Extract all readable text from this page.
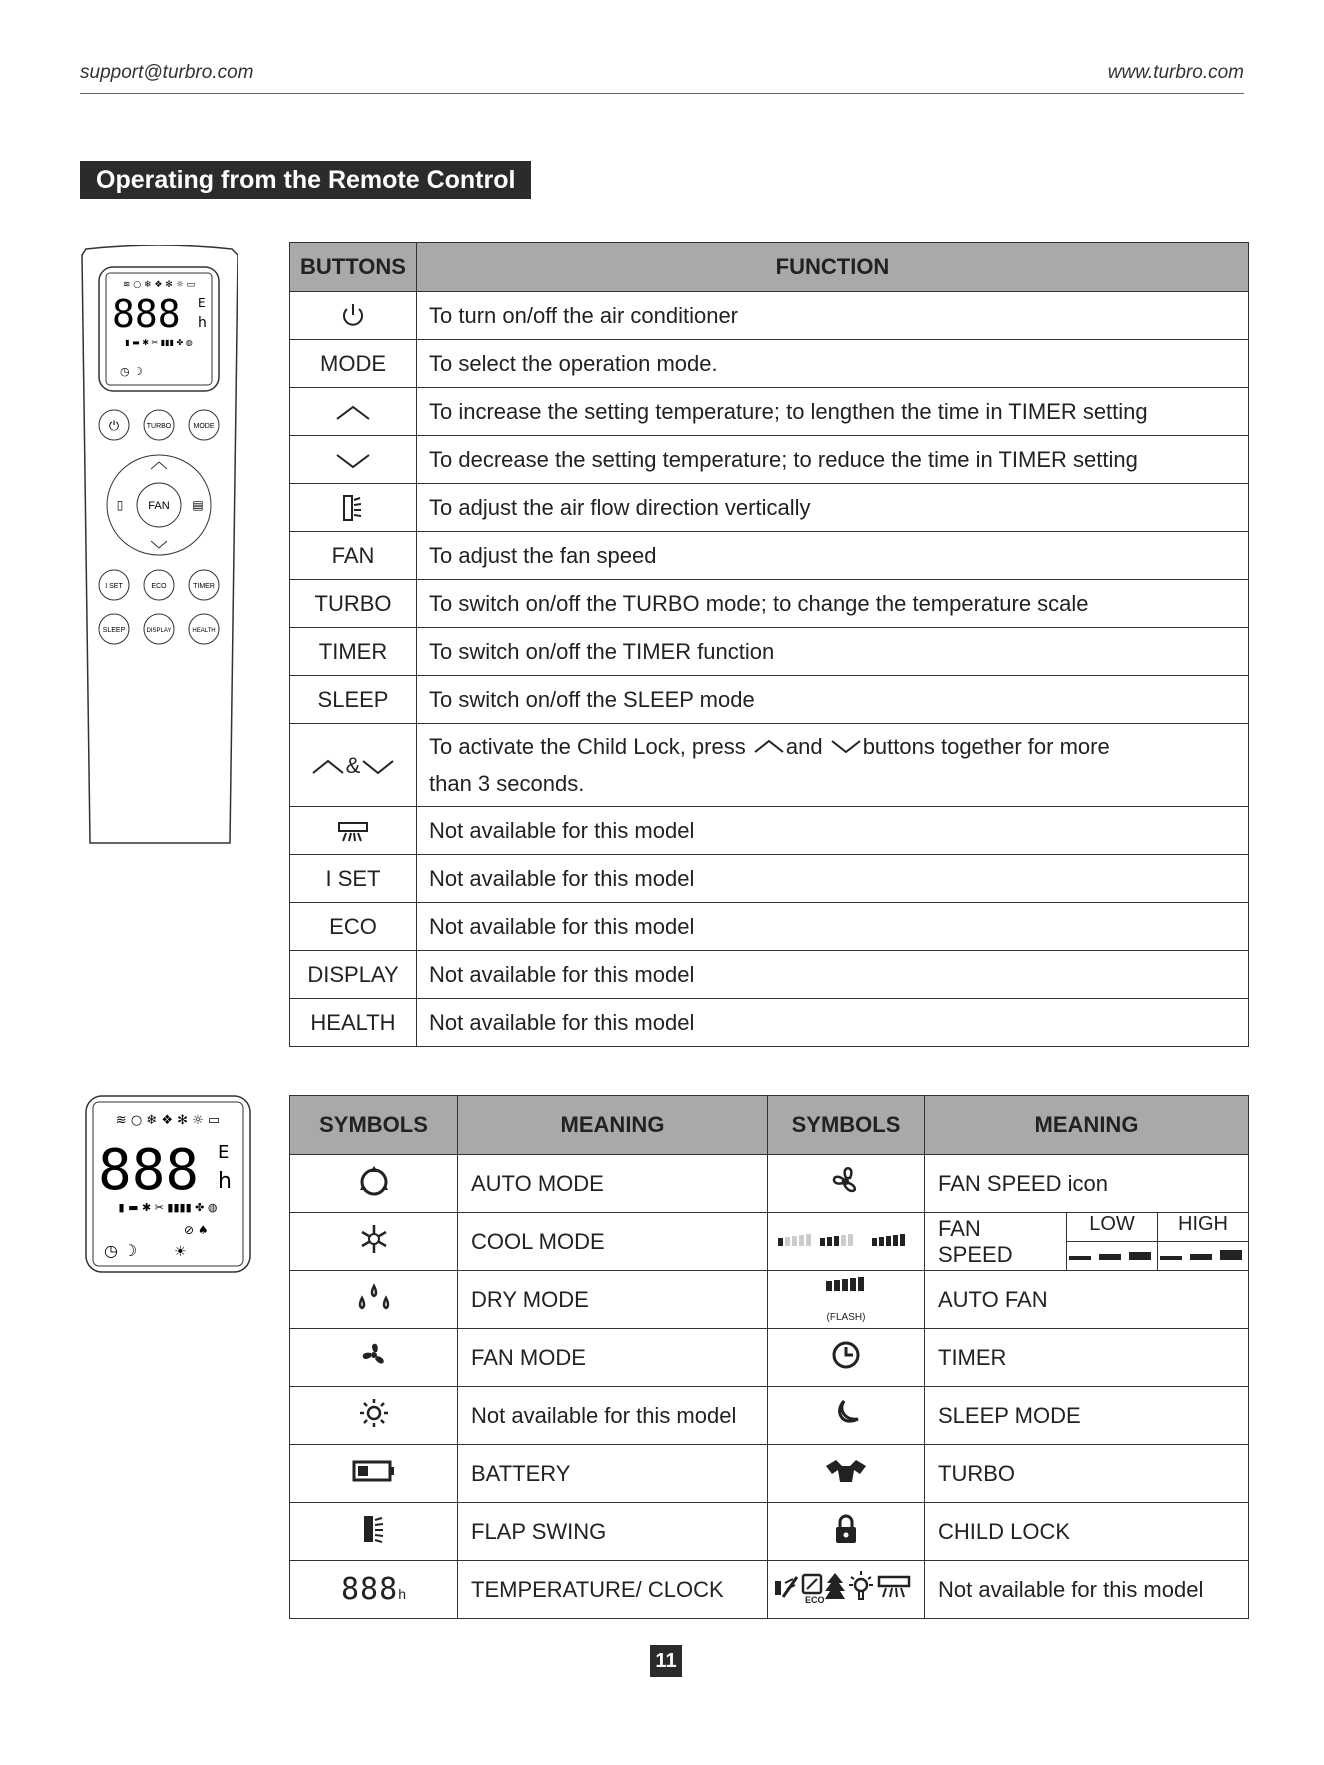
support@turbro.com	www.turbro.com
Operating from the Remote Control
≋ ○ ❄ ❖ ✻ ☼ ▭
888 E
h
▮ ▬ ✱ ✂ ▮▮▮ ✤ ◍
◷ ☽
⏻	TURBO	MODE
FAN
▯	▤
I SET	ECO	TIMER
SLEEP	DISPLAY	HEALTH
BUTTONS	FUNCTION
	To turn on/off the air conditioner
MODE	To select the operation mode.
	To increase the setting temperature; to lengthen the time in TIMER setting
	To decrease the setting temperature; to reduce the time in TIMER setting
	To adjust the air flow direction vertically
FAN	To adjust the fan speed
TURBO	To switch on/off the TURBO mode; to change the temperature scale
TIMER	To switch on/off the TIMER function
SLEEP	To switch on/off the SLEEP mode
&	To activate the Child Lock, press and buttons together for more
than 3 seconds.
	Not available for this model
I SET	Not available for this model
ECO	Not available for this model
DISPLAY	Not available for this model
HEALTH	Not available for this model
≋ ○ ❄ ❖ ✻ ☼ ▭
888 E
h
▮ ▬ ✱ ✂ ▮▮▮▮ ✤ ◍
⊘ ♠
◷ ☽	☀
SYMBOLS	MEANING	SYMBOLS	MEANING
	AUTO MODE		FAN SPEED icon
	COOL MODE		FAN SPEED
LOW HIGH

	DRY MODE	(FLASH)	AUTO FAN
	FAN MODE		TIMER
	Not available for this model		SLEEP MODE
	BATTERY		TURBO
	FLAP SWING		CHILD LOCK
888h	TEMPERATURE/ CLOCK	ECO	Not available for this model
11
